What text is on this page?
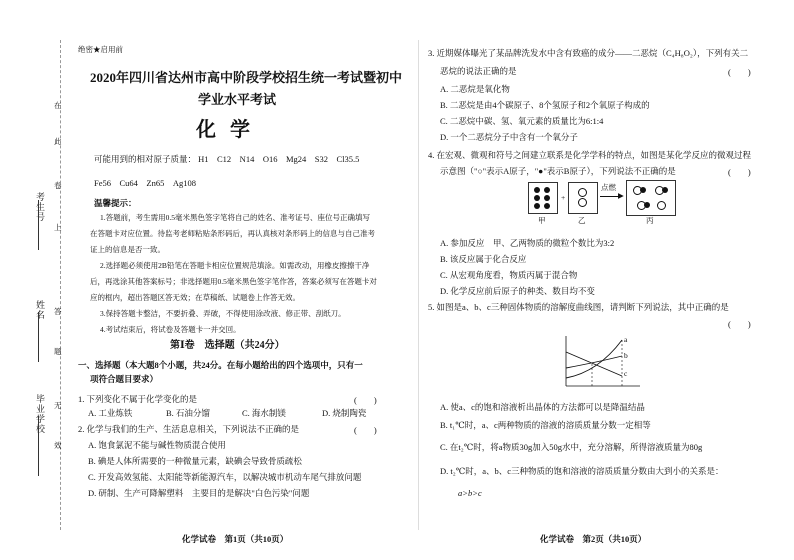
考生号
姓名
毕业学校
在
此
卷
上
答
题
无
效
绝密★启用前
2020年四川省达州市高中阶段学校招生统一考试暨初中
学业水平考试
化学
可能用到的相对原子质量： H1　C12　N14　O16　Mg24　S32　Cl35.5
Fe56　Cu64　Zn65　Ag108
温馨提示：
1.答题前，考生需用0.5毫米黑色签字笔将自己的姓名、准考证号、座位号正确填写
在答题卡对应位置。待监考老师粘贴条形码后，再认真核对条形码上的信息与自己准考
证上的信息是否一致。
2.选择题必须使用2B铅笔在答题卡相应位置规范填涂。如需改动，用橡皮擦擦干净
后，再选涂其他答案标号；非选择题用0.5毫米黑色签字笔作答，答案必须写在答题卡对
应的框内，超出答题区答无效；在草稿纸、试题卷上作答无效。
3.保持答题卡整洁，不要折叠、弄破，不得使用涂改液、修正带、刮纸刀。
4.考试结束后，将试卷及答题卡一并交回。
第Ⅰ卷　选择题（共24分）
一、选择题（本大题8个小题，共24分。在每小题给出的四个选项中，只有一
项符合题目要求）
1. 下列变化不属于化学变化的是	(　　)
A. 工业炼铁	B. 石油分馏	C. 海水制镁	D. 烧制陶瓷
2. 化学与我们的生产、生活息息相关，下列说法不正确的是	(　　)
A. 饱食氯泥不能与碱性物质混合使用
B. 碘是人体所需要的一种微量元素，缺碘会导致骨质疏松
C. 开发高效氢能、太阳能等新能源汽车，以解决城市机动车尾气排放问题
D. 研制、生产可降解塑料　主要目的是解决"白色污染"问题
化学试卷　第1页（共10页）
3. 近期媒体曝光了某品牌洗发水中含有致癌的成分——二恶烷（C₄H₈O₂），下列有关二
恶烷的说法正确的是	(　　)
A. 二恶烷是氧化物
B. 二恶烷是由4个碳原子、8个氢原子和2个氧原子构成的
C. 二恶烷中碳、氢、氧元素的质量比为6:1:4
D. 一个二恶烷分子中含有一个氧分子
4. 在宏观、微观和符号之间建立联系是化学学科的特点，如图是某化学反应的微观过程
示意图（"○"表示A原子，"●"表示B原子），下列说法不正确的是	(　　)
+
点燃
▶
甲	乙	丙
A. 参加反应　甲、乙两物质的微粒个数比为3:2
B. 该反应属于化合反应
C. 从宏观角度看，物质丙属于混合物
D. 化学反应前后原子的种类、数目均不变
5. 如图是a、b、c三种固体物质的溶解度曲线图，请判断下列说法，其中正确的是
(　　)
a
b
c
A. 使a、c的饱和溶液析出晶体的方法都可以是降温结晶
B. t₁℃时，a、c两种物质的溶液的溶质质量分数一定相等
C. 在t₂℃时，将a物质30g加入50g水中，充分溶解，所得溶液质量为80g
D. t₂℃时，a、b、c三种物质的饱和溶液的溶质质量分数由大到小的关系是：
a>b>c
化学试卷　第2页（共10页）
